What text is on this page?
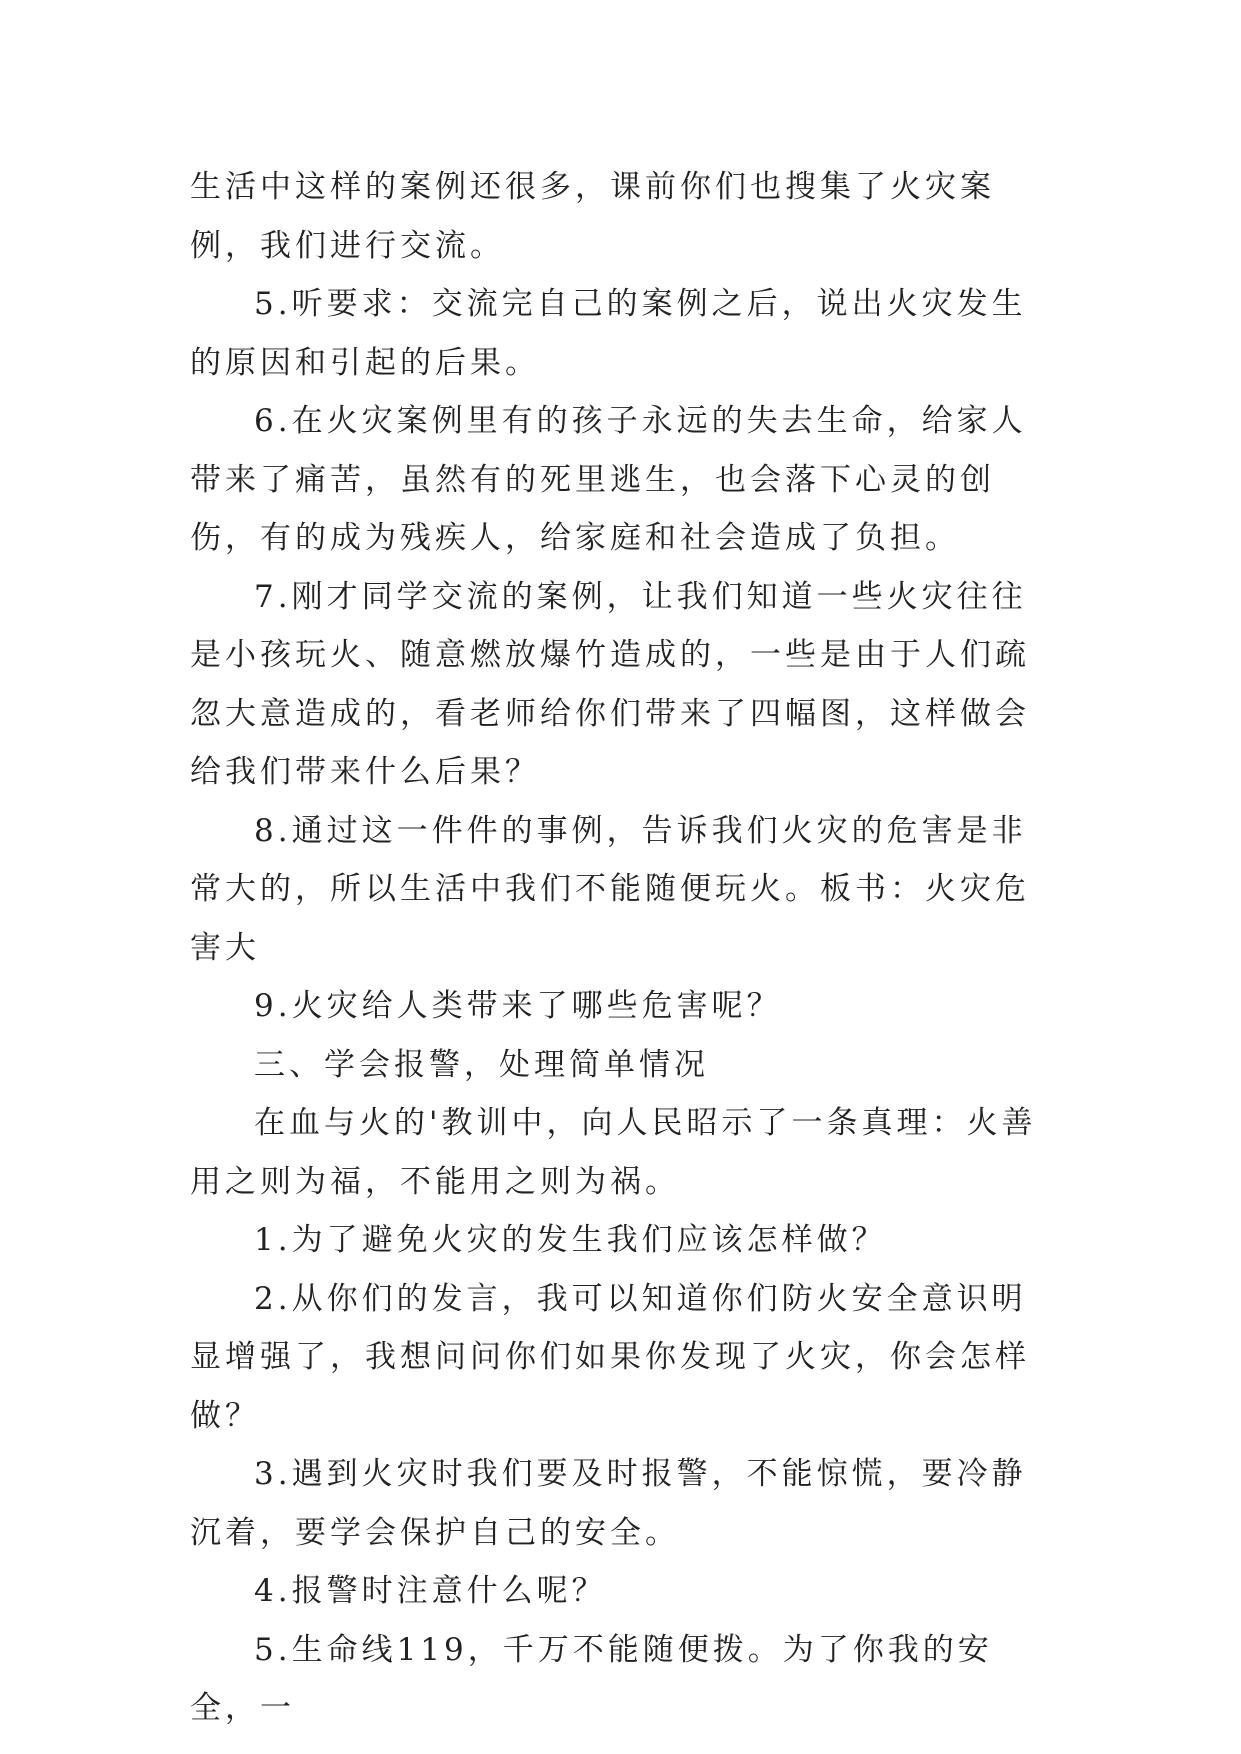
生活中这样的案例还很多，课前你们也搜集了火灾案例，我们进行交流。

5.听要求：交流完自己的案例之后，说出火灾发生的原因和引起的后果。

6.在火灾案例里有的孩子永远的失去生命，给家人带来了痛苦，虽然有的死里逃生，也会落下心灵的创伤，有的成为残疾人，给家庭和社会造成了负担。

7.刚才同学交流的案例，让我们知道一些火灾往往是小孩玩火、随意燃放爆竹造成的，一些是由于人们疏忽大意造成的，看老师给你们带来了四幅图，这样做会给我们带来什么后果？

8.通过这一件件的事例，告诉我们火灾的危害是非常大的，所以生活中我们不能随便玩火。板书：火灾危害大

9.火灾给人类带来了哪些危害呢？

三、学会报警，处理简单情况

在血与火的'教训中，向人民昭示了一条真理：火善用之则为福，不能用之则为祸。

1.为了避免火灾的发生我们应该怎样做？

2.从你们的发言，我可以知道你们防火安全意识明显增强了，我想问问你们如果你发现了火灾，你会怎样做？

3.遇到火灾时我们要及时报警，不能惊慌，要冷静沉着，要学会保护自己的安全。

4.报警时注意什么呢？

5.生命线119，千万不能随便拨。为了你我的安全，一
